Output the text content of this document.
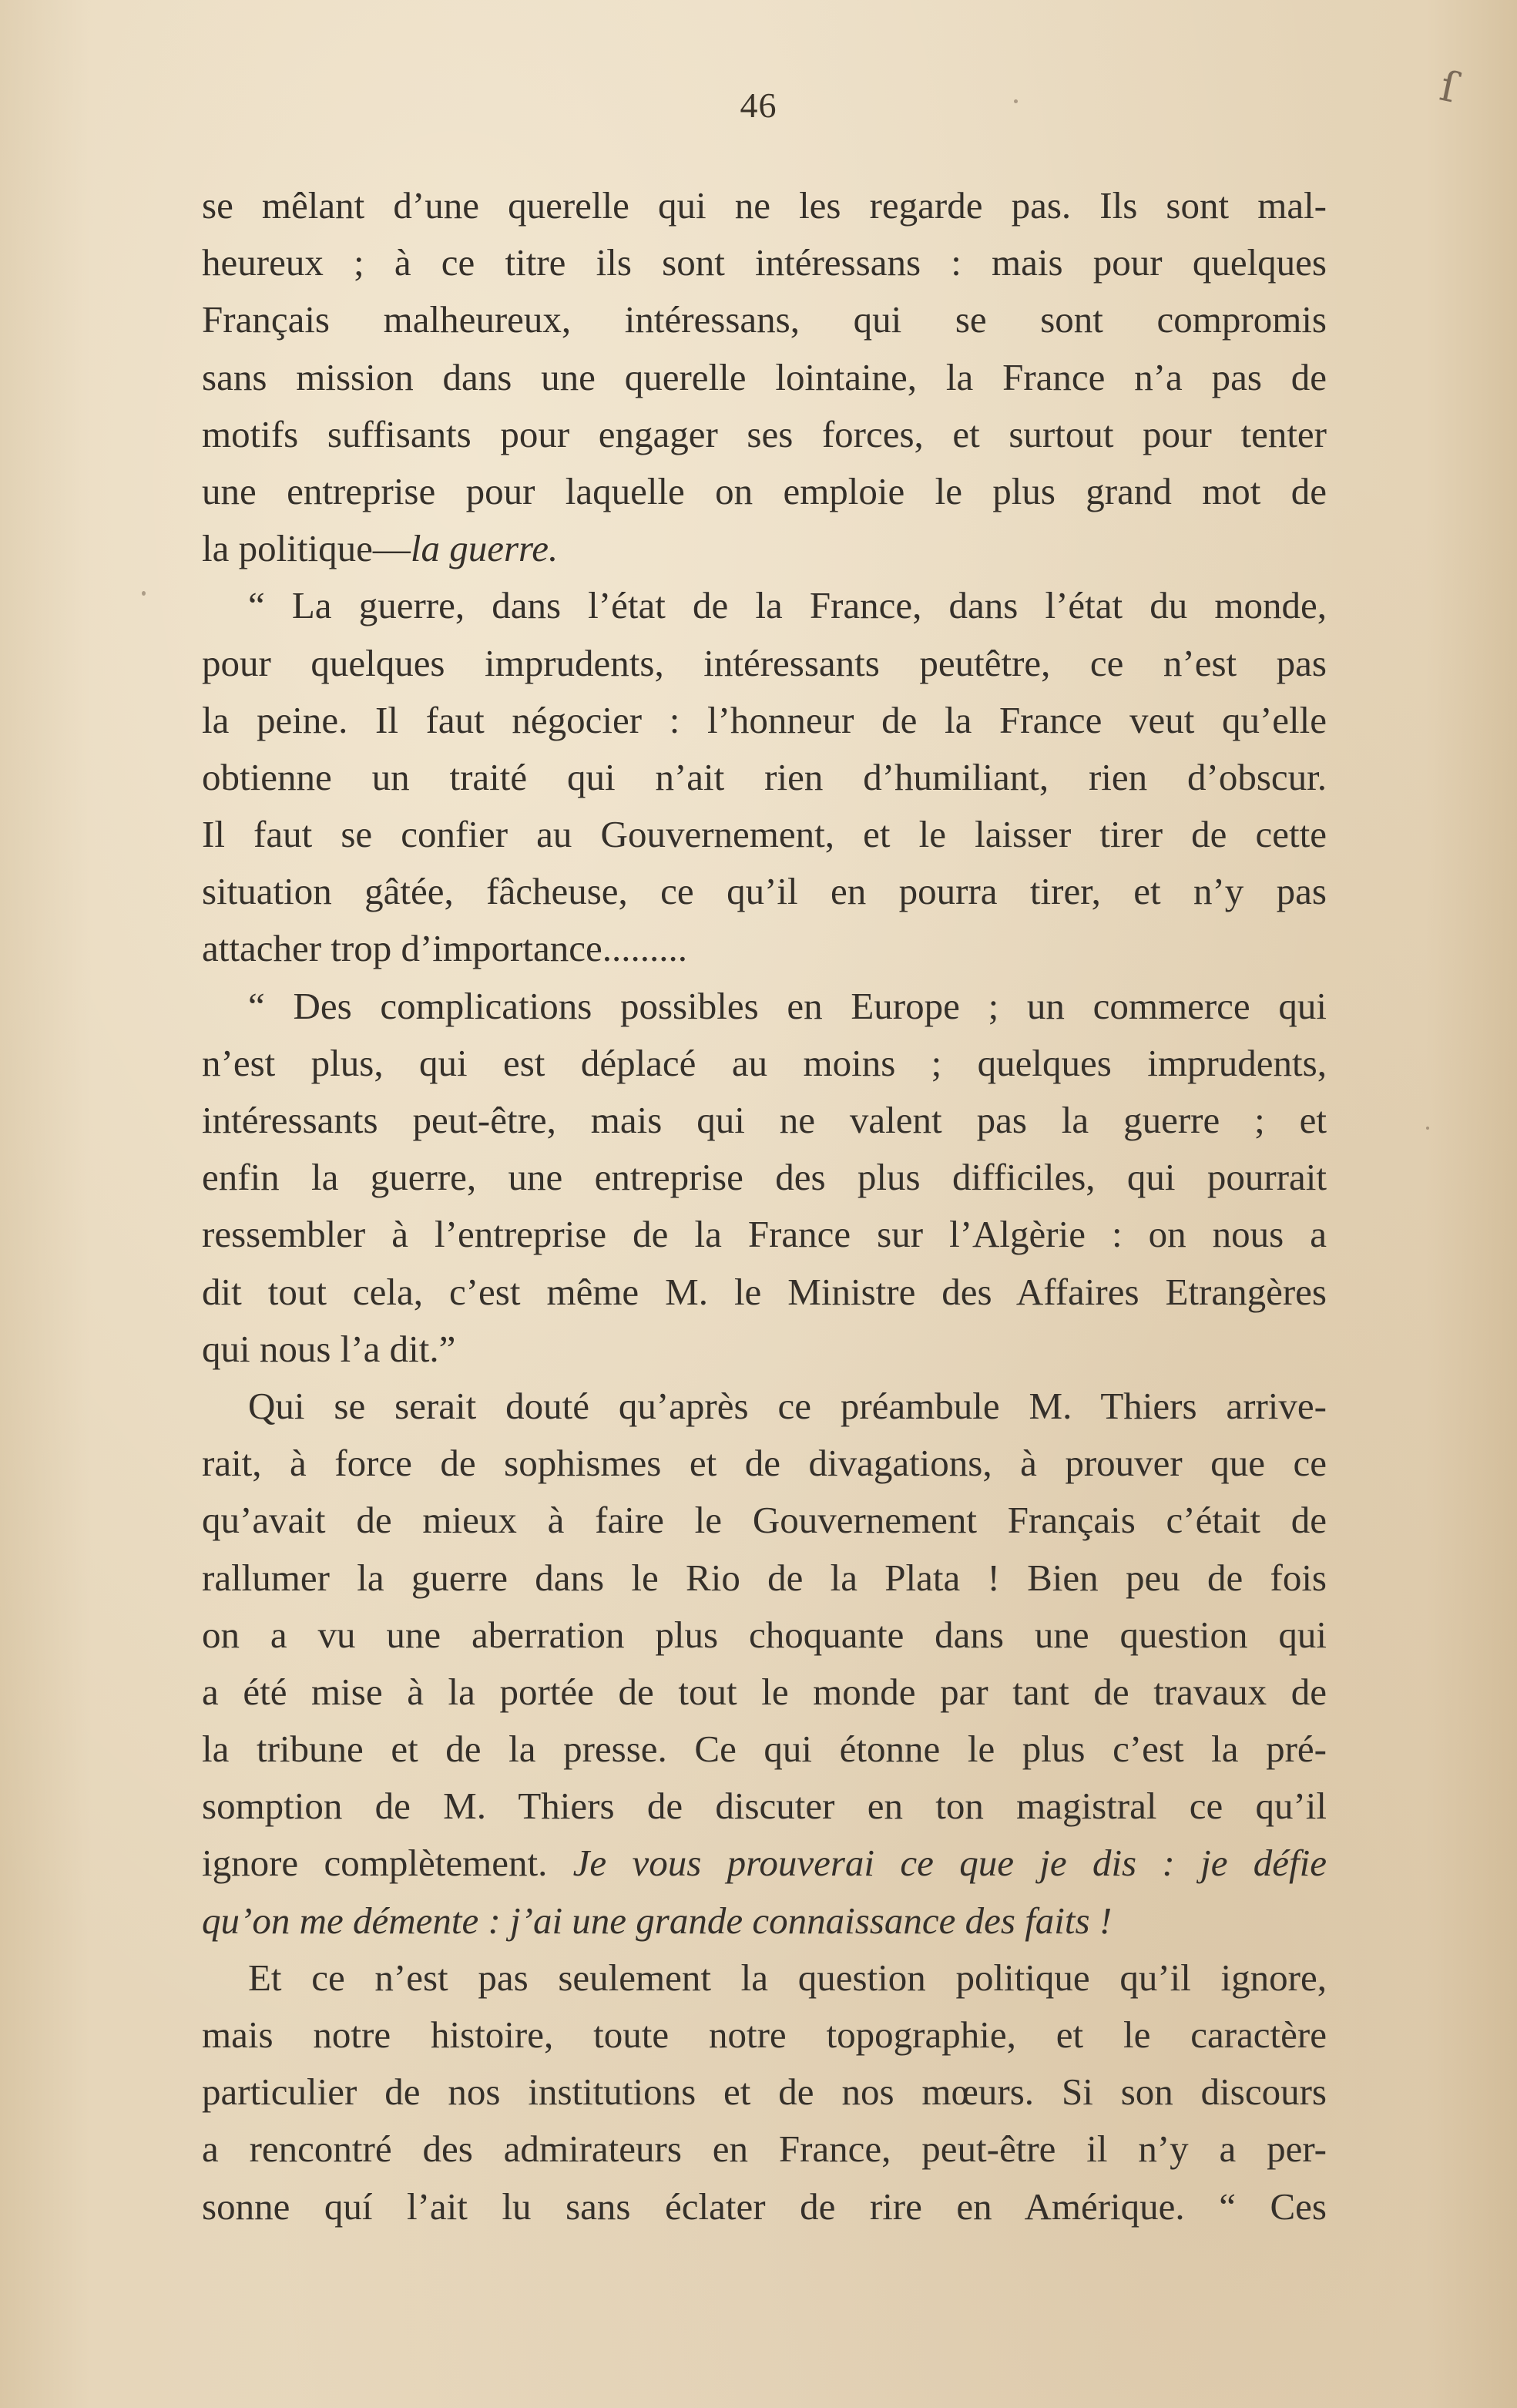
46	ſ
se mêlant d’une querelle qui ne les regarde pas. Ils sont mal-
heureux ; à ce titre ils sont intéressans : mais pour quelques
Français malheureux, intéressans, qui se sont compromis
sans mission dans une querelle lointaine, la France n’a pas de
motifs suffisants pour engager ses forces, et surtout pour tenter
une entreprise pour laquelle on emploie le plus grand mot de
la politique—la guerre.
“ La guerre, dans l’état de la France, dans l’état du monde,
pour quelques imprudents, intéressants peutêtre, ce n’est pas
la peine. Il faut négocier : l’honneur de la France veut qu’elle
obtienne un traité qui n’ait rien d’humiliant, rien d’obscur.
Il faut se confier au Gouvernement, et le laisser tirer de cette
situation gâtée, fâcheuse, ce qu’il en pourra tirer, et n’y pas
attacher trop d’importance.........
“ Des complications possibles en Europe ; un commerce qui
n’est plus, qui est déplacé au moins ; quelques imprudents,
intéressants peut-être, mais qui ne valent pas la guerre ; et
enfin la guerre, une entreprise des plus difficiles, qui pourrait
ressembler à l’entreprise de la France sur l’Algèrie : on nous a
dit tout cela, c’est même M. le Ministre des Affaires Etrangères
qui nous l’a dit.”
Qui se serait douté qu’après ce préambule M. Thiers arrive-
rait, à force de sophismes et de divagations, à prouver que ce
qu’avait de mieux à faire le Gouvernement Français c’était de
rallumer la guerre dans le Rio de la Plata ! Bien peu de fois
on a vu une aberration plus choquante dans une question qui
a été mise à la portée de tout le monde par tant de travaux de
la tribune et de la presse. Ce qui étonne le plus c’est la pré-
somption de M. Thiers de discuter en ton magistral ce qu’il
ignore complètement. Je vous prouverai ce que je dis : je défie
qu’on me démente : j’ai une grande connaissance des faits !
Et ce n’est pas seulement la question politique qu’il ignore,
mais notre histoire, toute notre topographie, et le caractère
particulier de nos institutions et de nos mœurs. Si son discours
a rencontré des admirateurs en France, peut-être il n’y a per-
sonne quí l’ait lu sans éclater de rire en Amérique. “ Ces
